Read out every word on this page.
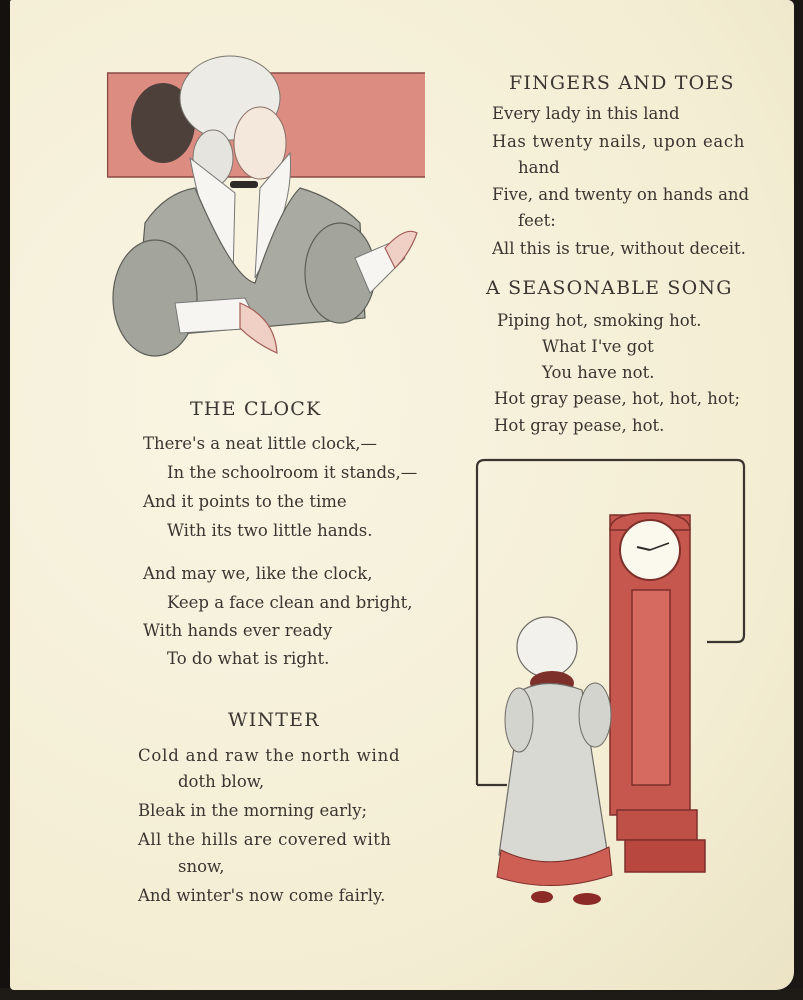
FINGERS AND TOES
Every lady in this land
Has twenty nails, upon each
hand
Five, and twenty on hands and
feet:
All this is true, without deceit.
A SEASONABLE SONG
Piping hot, smoking hot.
What I've got
You have not.
Hot gray pease, hot, hot, hot;
Hot gray pease, hot.
THE CLOCK
There's a neat little clock,—
In the schoolroom it stands,—
And it points to the time
With its two little hands.
And may we, like the clock,
Keep a face clean and bright,
With hands ever ready
To do what is right.
WINTER
Cold and raw the north wind
doth blow,
Bleak in the morning early;
All the hills are covered with
snow,
And winter's now come fairly.
